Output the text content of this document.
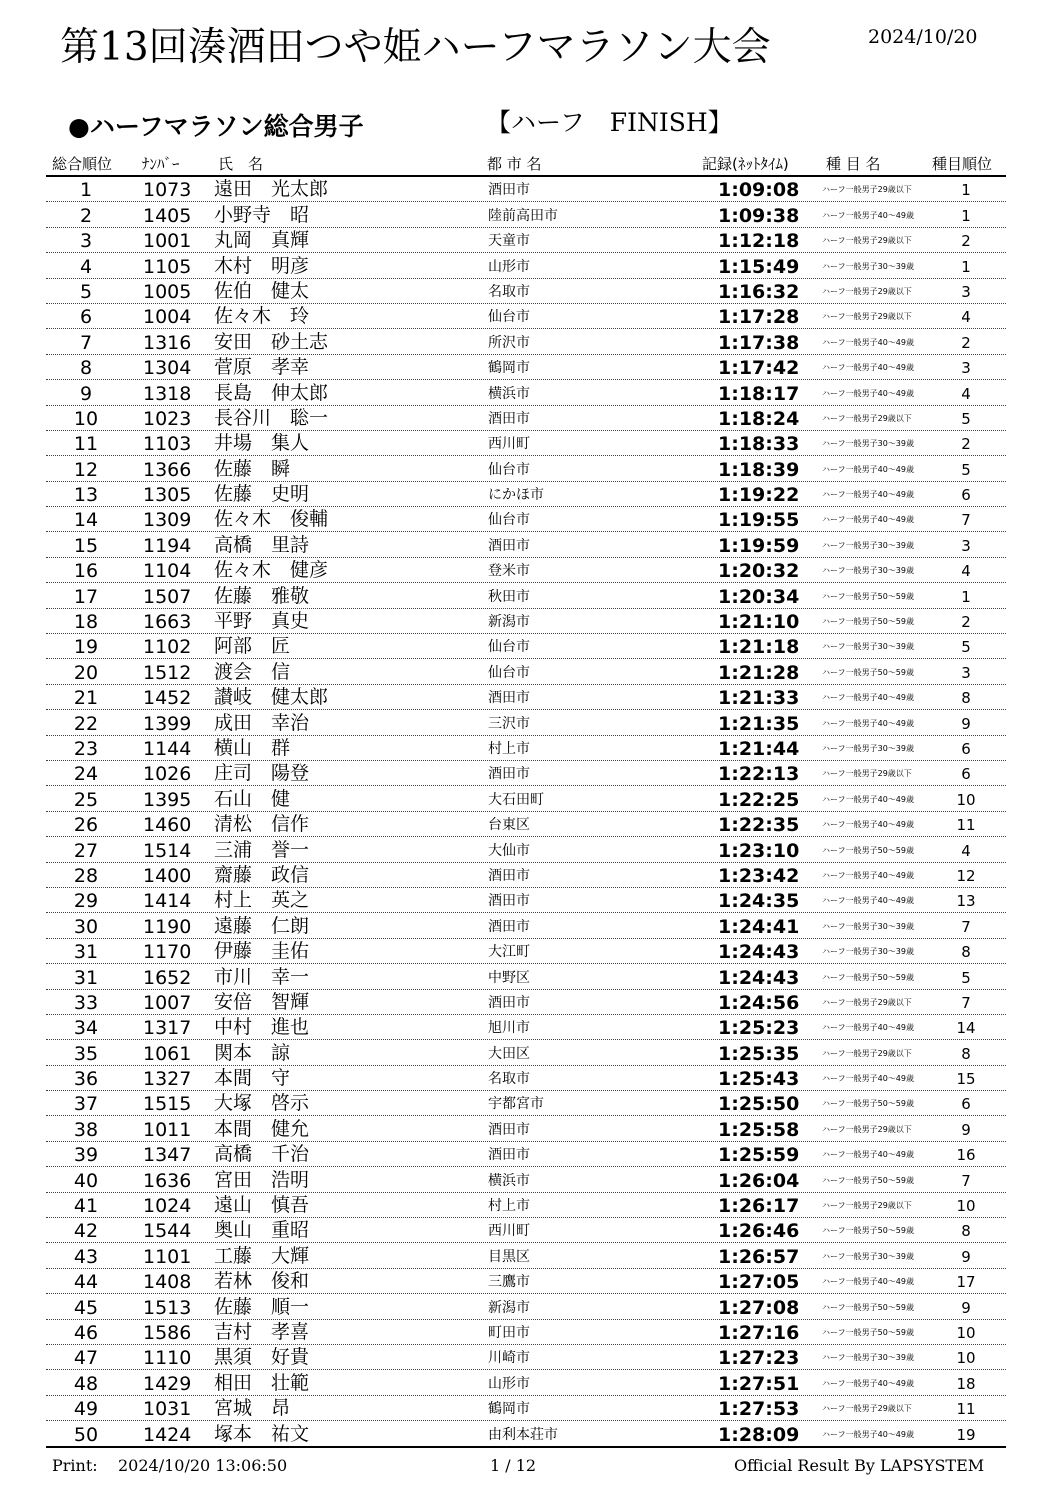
第13回湊酒田つや姫ハーフマラソン大会	2024/10/20
●ハーフマラソン総合男子	【ハーフ　FINISH】
総合順位 ﾅﾝﾊﾞｰ	氏　名	都 市 名	記録(ﾈｯﾄﾀｲﾑ) 種 目 名	種目順位
1	1073 遠田　光太郎	酒田市	1:09:08	ハーフ一般男子29歳以下	1
2	1405 小野寺　昭	陸前高田市	1:09:38	ハーフ一般男子40～49歳	1
3	1001 丸岡　真輝	天童市	1:12:18	ハーフ一般男子29歳以下	2
4	1105 木村　明彦	山形市	1:15:49	ハーフ一般男子30～39歳	1
5	1005 佐伯　健太	名取市	1:16:32	ハーフ一般男子29歳以下	3
6	1004 佐々木　玲	仙台市	1:17:28	ハーフ一般男子29歳以下	4
7	1316 安田　砂土志	所沢市	1:17:38	ハーフ一般男子40～49歳	2
8	1304 菅原　孝幸	鶴岡市	1:17:42	ハーフ一般男子40～49歳	3
9	1318 長島　伸太郎	横浜市	1:18:17	ハーフ一般男子40～49歳	4
10	1023 長谷川　聡一	酒田市	1:18:24	ハーフ一般男子29歳以下	5
11	1103 井場　集人	西川町	1:18:33	ハーフ一般男子30～39歳	2
12	1366 佐藤　瞬	仙台市	1:18:39	ハーフ一般男子40～49歳	5
13	1305 佐藤　史明	にかほ市	1:19:22	ハーフ一般男子40～49歳	6
14	1309 佐々木　俊輔	仙台市	1:19:55	ハーフ一般男子40～49歳	7
15	1194 高橋　里詩	酒田市	1:19:59	ハーフ一般男子30～39歳	3
16	1104 佐々木　健彦	登米市	1:20:32	ハーフ一般男子30～39歳	4
17	1507 佐藤　雅敬	秋田市	1:20:34	ハーフ一般男子50～59歳	1
18	1663 平野　真史	新潟市	1:21:10	ハーフ一般男子50～59歳	2
19	1102 阿部　匠	仙台市	1:21:18	ハーフ一般男子30～39歳	5
20	1512 渡会　信	仙台市	1:21:28	ハーフ一般男子50～59歳	3
21	1452 讃岐　健太郎	酒田市	1:21:33	ハーフ一般男子40～49歳	8
22	1399 成田　幸治	三沢市	1:21:35	ハーフ一般男子40～49歳	9
23	1144 横山　群	村上市	1:21:44	ハーフ一般男子30～39歳	6
24	1026 庄司　陽登	酒田市	1:22:13	ハーフ一般男子29歳以下	6
25	1395 石山　健	大石田町	1:22:25	ハーフ一般男子40～49歳	10
26	1460 清松　信作	台東区	1:22:35	ハーフ一般男子40～49歳	11
27	1514 三浦　誉一	大仙市	1:23:10	ハーフ一般男子50～59歳	4
28	1400 齋藤　政信	酒田市	1:23:42	ハーフ一般男子40～49歳	12
29	1414 村上　英之	酒田市	1:24:35	ハーフ一般男子40～49歳	13
30	1190 遠藤　仁朗	酒田市	1:24:41	ハーフ一般男子30～39歳	7
31	1170 伊藤　圭佑	大江町	1:24:43	ハーフ一般男子30～39歳	8
31	1652 市川　幸一	中野区	1:24:43	ハーフ一般男子50～59歳	5
33	1007 安倍　智輝	酒田市	1:24:56	ハーフ一般男子29歳以下	7
34	1317 中村　進也	旭川市	1:25:23	ハーフ一般男子40～49歳	14
35	1061 関本　諒	大田区	1:25:35	ハーフ一般男子29歳以下	8
36	1327 本間　守	名取市	1:25:43	ハーフ一般男子40～49歳	15
37	1515 大塚　啓示	宇都宮市	1:25:50	ハーフ一般男子50～59歳	6
38	1011 本間　健允	酒田市	1:25:58	ハーフ一般男子29歳以下	9
39	1347 高橋　千治	酒田市	1:25:59	ハーフ一般男子40～49歳	16
40	1636 宮田　浩明	横浜市	1:26:04	ハーフ一般男子50～59歳	7
41	1024 遠山　慎吾	村上市	1:26:17	ハーフ一般男子29歳以下	10
42	1544 奥山　重昭	西川町	1:26:46	ハーフ一般男子50～59歳	8
43	1101 工藤　大輝	目黒区	1:26:57	ハーフ一般男子30～39歳	9
44	1408 若林　俊和	三鷹市	1:27:05	ハーフ一般男子40～49歳	17
45	1513 佐藤　順一	新潟市	1:27:08	ハーフ一般男子50～59歳	9
46	1586 吉村　孝喜	町田市	1:27:16	ハーフ一般男子50～59歳	10
47	1110 黒須　好貴	川崎市	1:27:23	ハーフ一般男子30～39歳	10
48	1429 相田　壮範	山形市	1:27:51	ハーフ一般男子40～49歳	18
49	1031 宮城　昂	鶴岡市	1:27:53	ハーフ一般男子29歳以下	11
50	1424 塚本　祐文	由利本荘市	1:28:09	ハーフ一般男子40～49歳	19
Print: 2024/10/20 13:06:50	1 / 12	Official Result By LAPSYSTEM
